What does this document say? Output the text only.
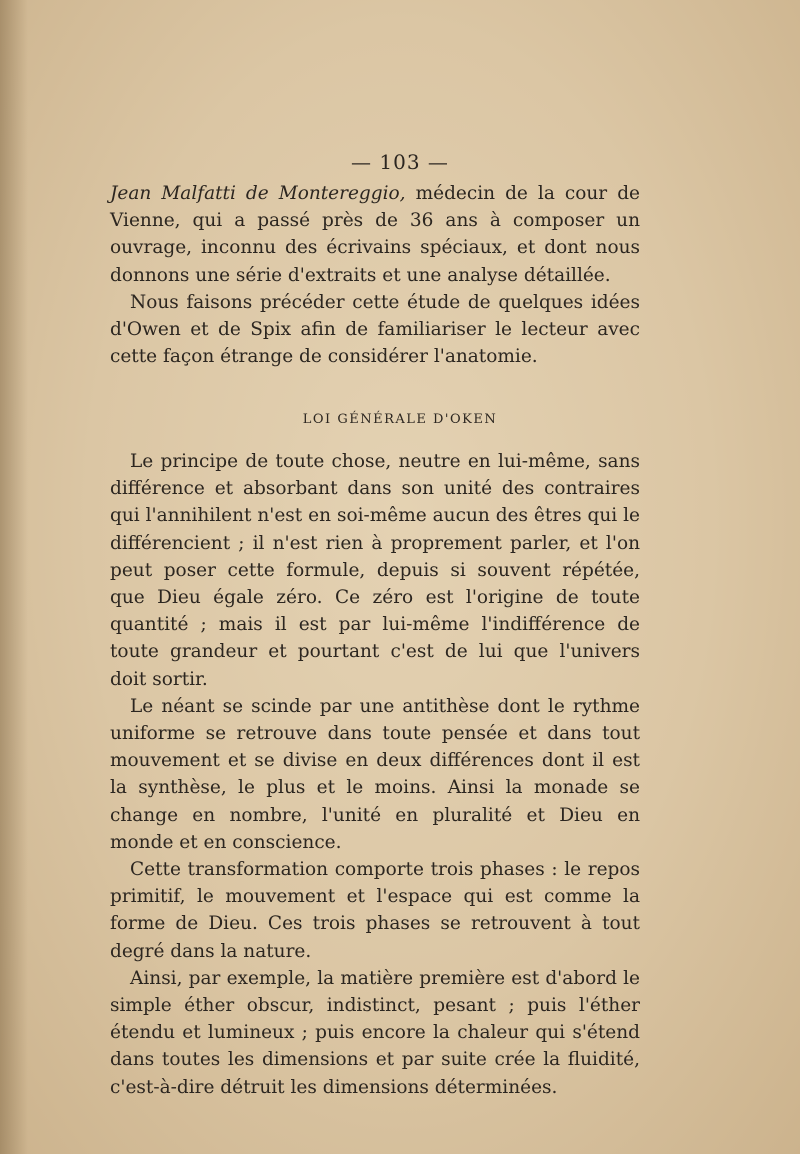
— 103 —

Jean Malfatti de Montereggio, médecin de la cour de Vienne, qui a passé près de 36 ans à composer un ouvrage, inconnu des écrivains spéciaux, et dont nous donnons une série d'extraits et une analyse détaillée.

Nous faisons précéder cette étude de quelques idées d'Owen et de Spix afin de familiariser le lecteur avec cette façon étrange de considérer l'anatomie.

LOI GÉNÉRALE D'OKEN

Le principe de toute chose, neutre en lui-même, sans différence et absorbant dans son unité des contraires qui l'annihilent n'est en soi-même aucun des êtres qui le différencient ; il n'est rien à proprement parler, et l'on peut poser cette formule, depuis si souvent répétée, que Dieu égale zéro. Ce zéro est l'origine de toute quantité ; mais il est par lui-même l'indifférence de toute grandeur et pourtant c'est de lui que l'univers doit sortir.

Le néant se scinde par une antithèse dont le rythme uniforme se retrouve dans toute pensée et dans tout mouvement et se divise en deux différences dont il est la synthèse, le plus et le moins. Ainsi la monade se change en nombre, l'unité en pluralité et Dieu en monde et en conscience.

Cette transformation comporte trois phases : le repos primitif, le mouvement et l'espace qui est comme la forme de Dieu. Ces trois phases se retrouvent à tout degré dans la nature.

Ainsi, par exemple, la matière première est d'abord le simple éther obscur, indistinct, pesant ; puis l'éther étendu et lumineux ; puis encore la chaleur qui s'étend dans toutes les dimensions et par suite crée la fluidité, c'est-à-dire détruit les dimensions déterminées.
